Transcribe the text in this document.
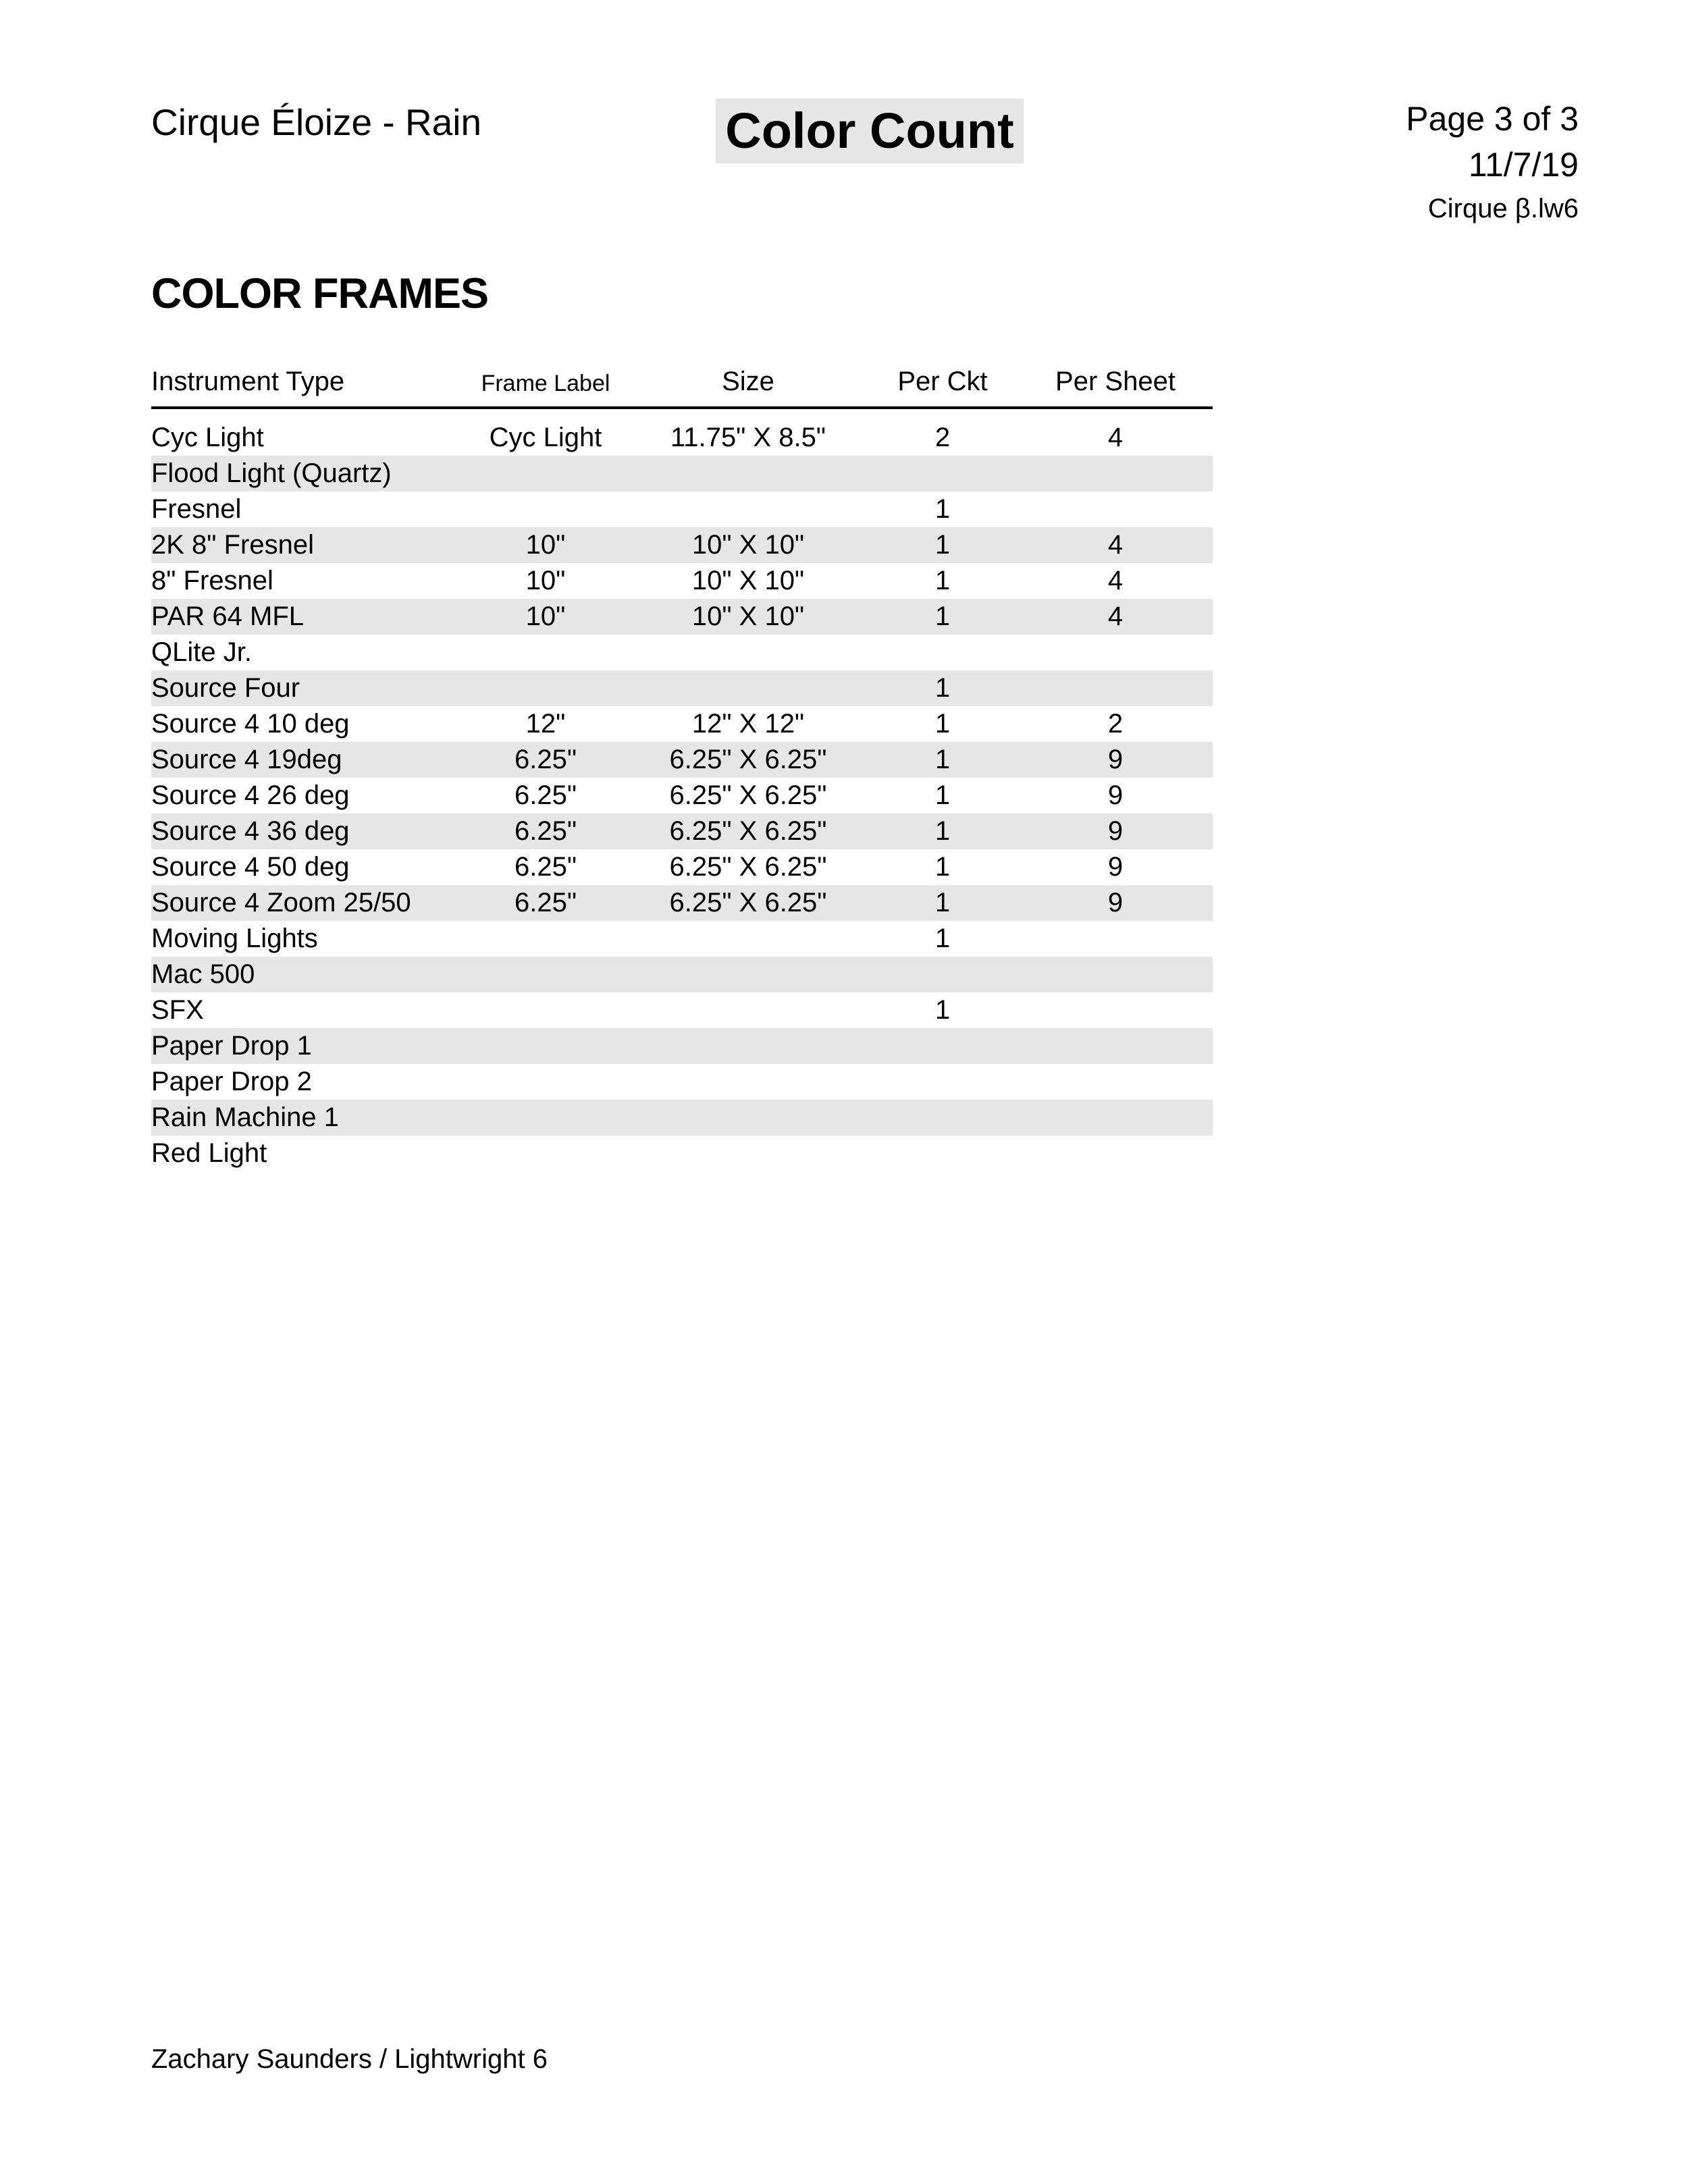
Cirque Éloize - Rain	Color Count	Page 3 of 3
11/7/19
Cirque β.lw6
COLOR FRAMES
Instrument Type	Frame Label	Size	Per Ckt	Per Sheet

Cyc Light	Cyc Light	11.75" X 8.5"	2	4
Flood Light (Quartz)				
Fresnel			1	
2K 8" Fresnel	10"	10" X 10"	1	4
8" Fresnel	10"	10" X 10"	1	4
PAR 64 MFL	10"	10" X 10"	1	4
QLite Jr.				
Source Four			1	
Source 4 10 deg	12"	12" X 12"	1	2
Source 4 19deg	6.25"	6.25" X 6.25"	1	9
Source 4 26 deg	6.25"	6.25" X 6.25"	1	9
Source 4 36 deg	6.25"	6.25" X 6.25"	1	9
Source 4 50 deg	6.25"	6.25" X 6.25"	1	9
Source 4 Zoom 25/50	6.25"	6.25" X 6.25"	1	9
Moving Lights			1	
Mac 500				
SFX			1	
Paper Drop 1				
Paper Drop 2				
Rain Machine 1				
Red Light				
Zachary Saunders / Lightwright 6
